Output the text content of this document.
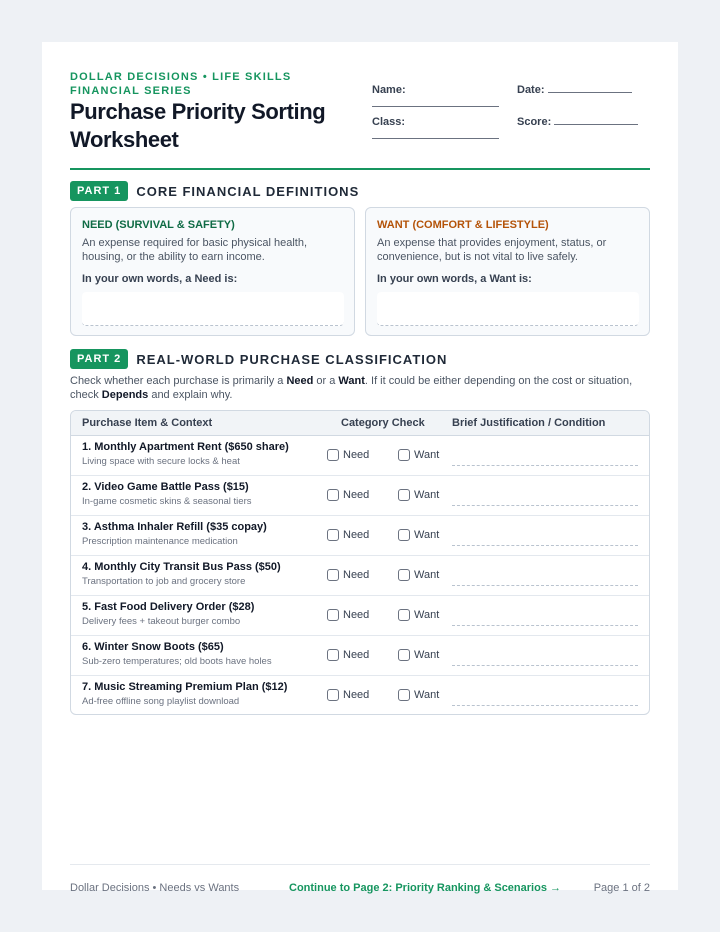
DOLLAR DECISIONS • LIFE SKILLS FINANCIAL SERIES
Purchase Priority Sorting Worksheet
Name:
Class:
Date:
Score:
PART 1	CORE FINANCIAL DEFINITIONS
NEED (SURVIVAL & SAFETY)
An expense required for basic physical health, housing, or the ability to earn income.
In your own words, a Need is:
WANT (COMFORT & LIFESTYLE)
An expense that provides enjoyment, status, or convenience, but is not vital to live safely.
In your own words, a Want is:
PART 2	REAL-WORLD PURCHASE CLASSIFICATION
Check whether each purchase is primarily a Need or a Want. If it could be either depending on the cost or situation, check Depends and explain why.
Purchase Item & Context	Category Check Brief Justification / Condition
1. Monthly Apartment Rent ($650 share)
Living space with secure locks & heat
Need	Want
2. Video Game Battle Pass ($15)
In-game cosmetic skins & seasonal tiers
Need	Want
3. Asthma Inhaler Refill ($35 copay)
Prescription maintenance medication
Need	Want
4. Monthly City Transit Bus Pass ($50)
Transportation to job and grocery store
Need	Want
5. Fast Food Delivery Order ($28)
Delivery fees + takeout burger combo
Need	Want
6. Winter Snow Boots ($65)
Sub-zero temperatures; old boots have holes
Need	Want
7. Music Streaming Premium Plan ($12)
Ad-free offline song playlist download
Need	Want
Dollar Decisions • Needs vs Wants	Continue to Page 2: Priority Ranking & Scenarios →	Page 1 of 2
